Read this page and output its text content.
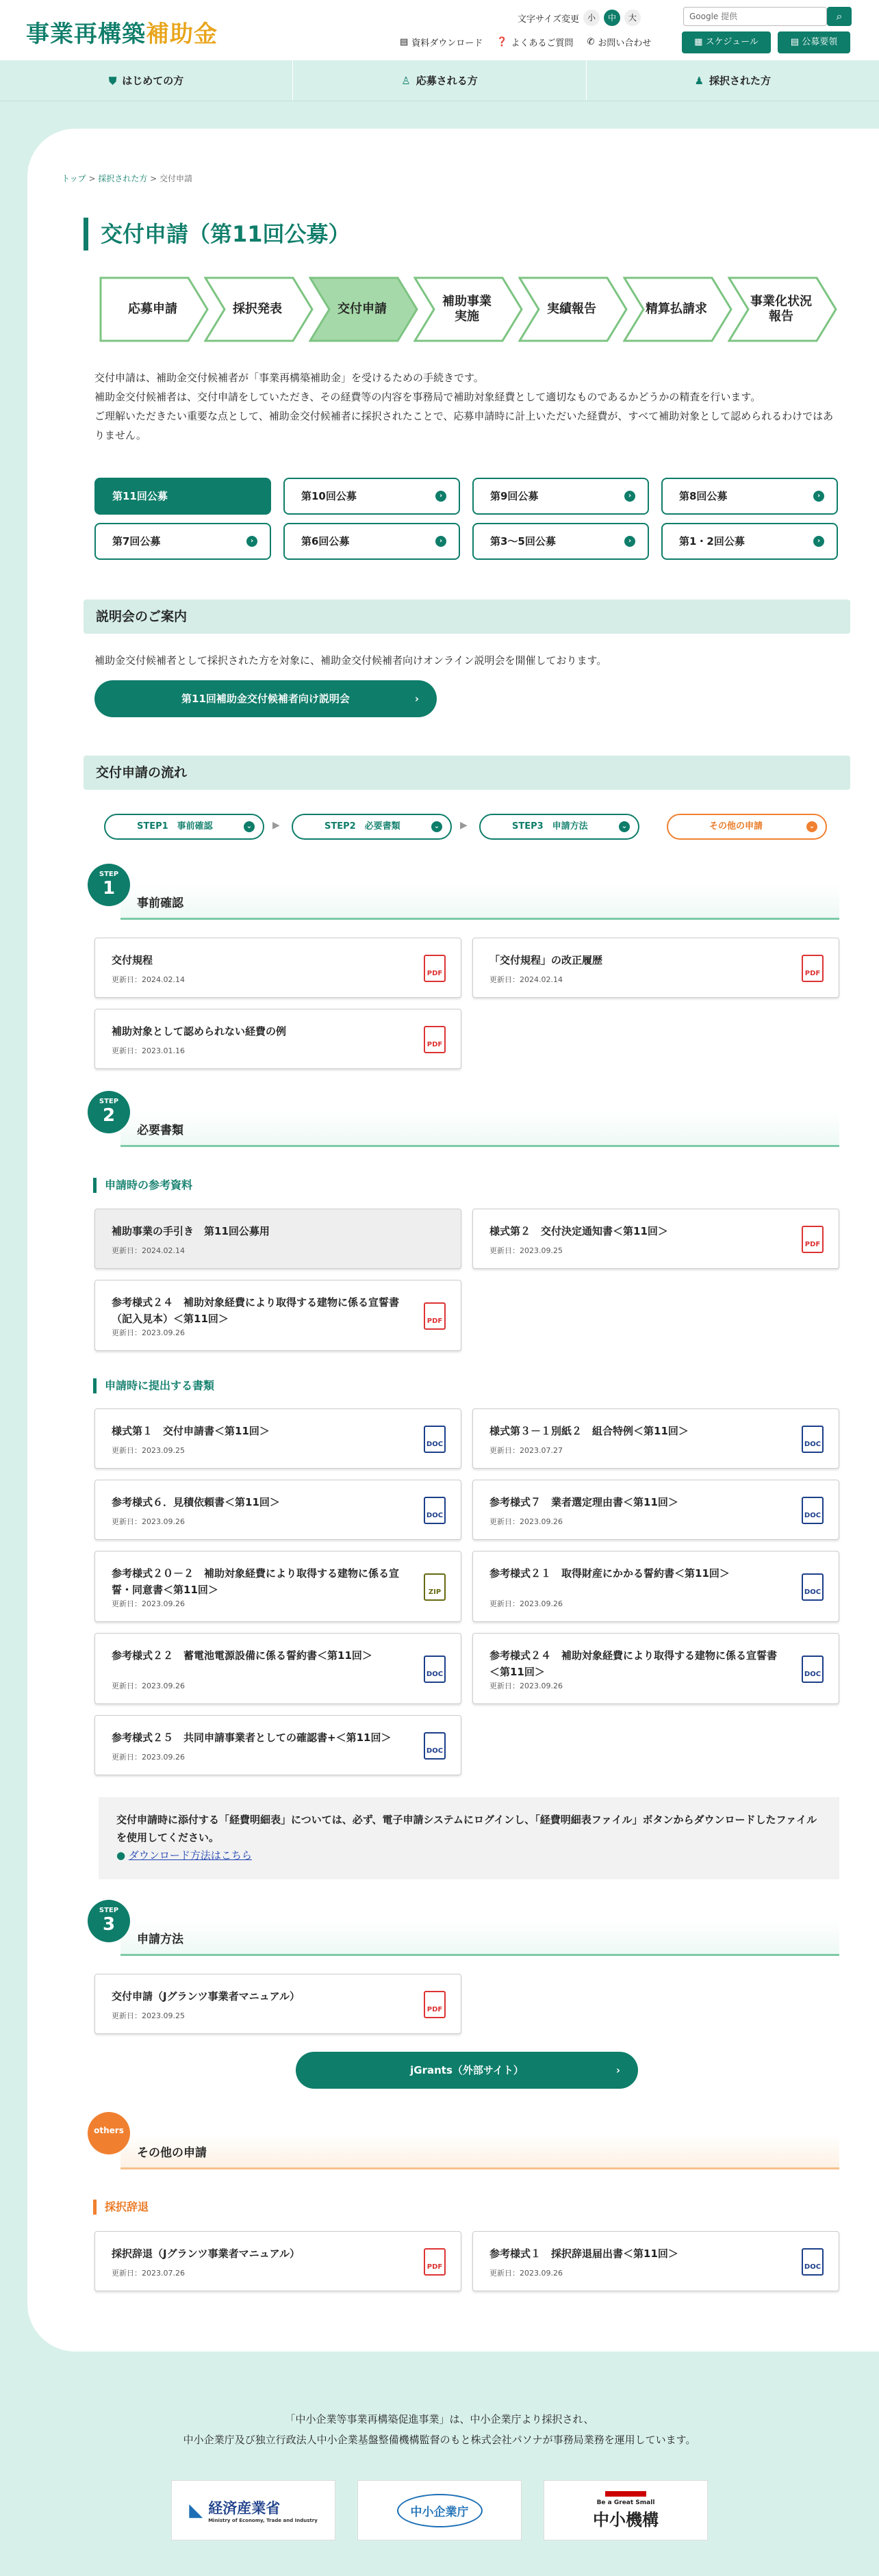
事業再構築補助金
文字サイズ変更 小	中	大	Google 提供	⌕
▤ 資料ダウンロード ❓ よくあるご質問 ✆ お問い合わせ	▦ スケジュール	▤ 公募要領
⛊ はじめての方	♙ 応募される方	♟ 採択された方
トップ > 採択された方 > 交付申請
交付申請（第11回公募）
応募申請	採択発表	交付申請
補助事業
実施
実績報告	精算払請求
事業化状況
報告

交付申請は、補助金交付候補者が「事業再構築補助金」を受けるための手続きです。

補助金交付候補者は、交付申請をしていただき、その経費等の内容を事務局で補助対象経費として適切なものであるかどうかの精査を行います。

ご理解いただきたい重要な点として、補助金交付候補者に採択されたことで、応募申請時に計上いただいた経費が、すべて補助対象として認められるわけではありません。

第11回公募	第10回公募	›	第9回公募	›	第8回公募	›
第7回公募	›	第6回公募	›	第3〜5回公募	›	第1・2回公募	›
説明会のご案内
補助金交付候補者として採択された方を対象に、補助金交付候補者向けオンライン説明会を開催しております。
第11回補助金交付候補者向け説明会	›
交付申請の流れ
STEP1　事前確認	⌄ ▶	STEP2　必要書類	⌄ ▶	STEP3　申請方法	⌄	その他の申請	⌄
事前確認
STEP
1
交付規程
更新日：2024.02.14
PDF
「交付規程」の改正履歴
更新日：2024.02.14
PDF
補助対象として認められない経費の例
更新日：2023.01.16
PDF
必要書類
STEP
2
申請時の参考資料
補助事業の手引き　第11回公募用
更新日：2024.02.14
様式第２　交付決定通知書＜第11回＞
更新日：2023.09.25
PDF
参考様式２４　補助対象経費により取得する建物に係る宣誓書（記入見本）＜第11回＞
更新日：2023.09.26
PDF
申請時に提出する書類
様式第１　交付申請書＜第11回＞
更新日：2023.09.25
DOC
様式第３－１別紙２　組合特例＜第11回＞
更新日：2023.07.27
DOC
参考様式６．見積依頼書＜第11回＞
更新日：2023.09.26
DOC
参考様式７　業者選定理由書＜第11回＞
更新日：2023.09.26
DOC
参考様式２０－２　補助対象経費により取得する建物に係る宣誓・同意書＜第11回＞
更新日：2023.09.26
ZIP
参考様式２１　取得財産にかかる誓約書＜第11回＞
更新日：2023.09.26
DOC
参考様式２２　蓄電池電源設備に係る誓約書＜第11回＞
更新日：2023.09.26
DOC
参考様式２４　補助対象経費により取得する建物に係る宣誓書＜第11回＞
更新日：2023.09.26
DOC
参考様式２５　共同申請事業者としての確認書+＜第11回＞
更新日：2023.09.26
DOC

交付申請時に添付する「経費明細表」については、必ず、電子申請システムにログインし、「経費明細表ファイル」ボタンからダウンロードしたファイルを使用してください。

● ダウンロード方法はこちら

申請方法
STEP
3
交付申請（Jグランツ事業者マニュアル）
更新日：2023.09.25
PDF
jGrants（外部サイト）	›
その他の申請
others
採択辞退
採択辞退（Jグランツ事業者マニュアル）
更新日：2023.07.26
PDF
参考様式１　採択辞退届出書＜第11回＞
更新日：2023.09.26
DOC

「中小企業等事業再構築促進事業」は、中小企業庁より採択され、

中小企業庁及び独立行政法人中小企業基盤整備機構監督のもと株式会社パソナが事務局業務を運用しています。

◣ 経済産業省
Ministry of Economy, Trade and Industry
中小企業庁
Be a Great Small
中小機構
